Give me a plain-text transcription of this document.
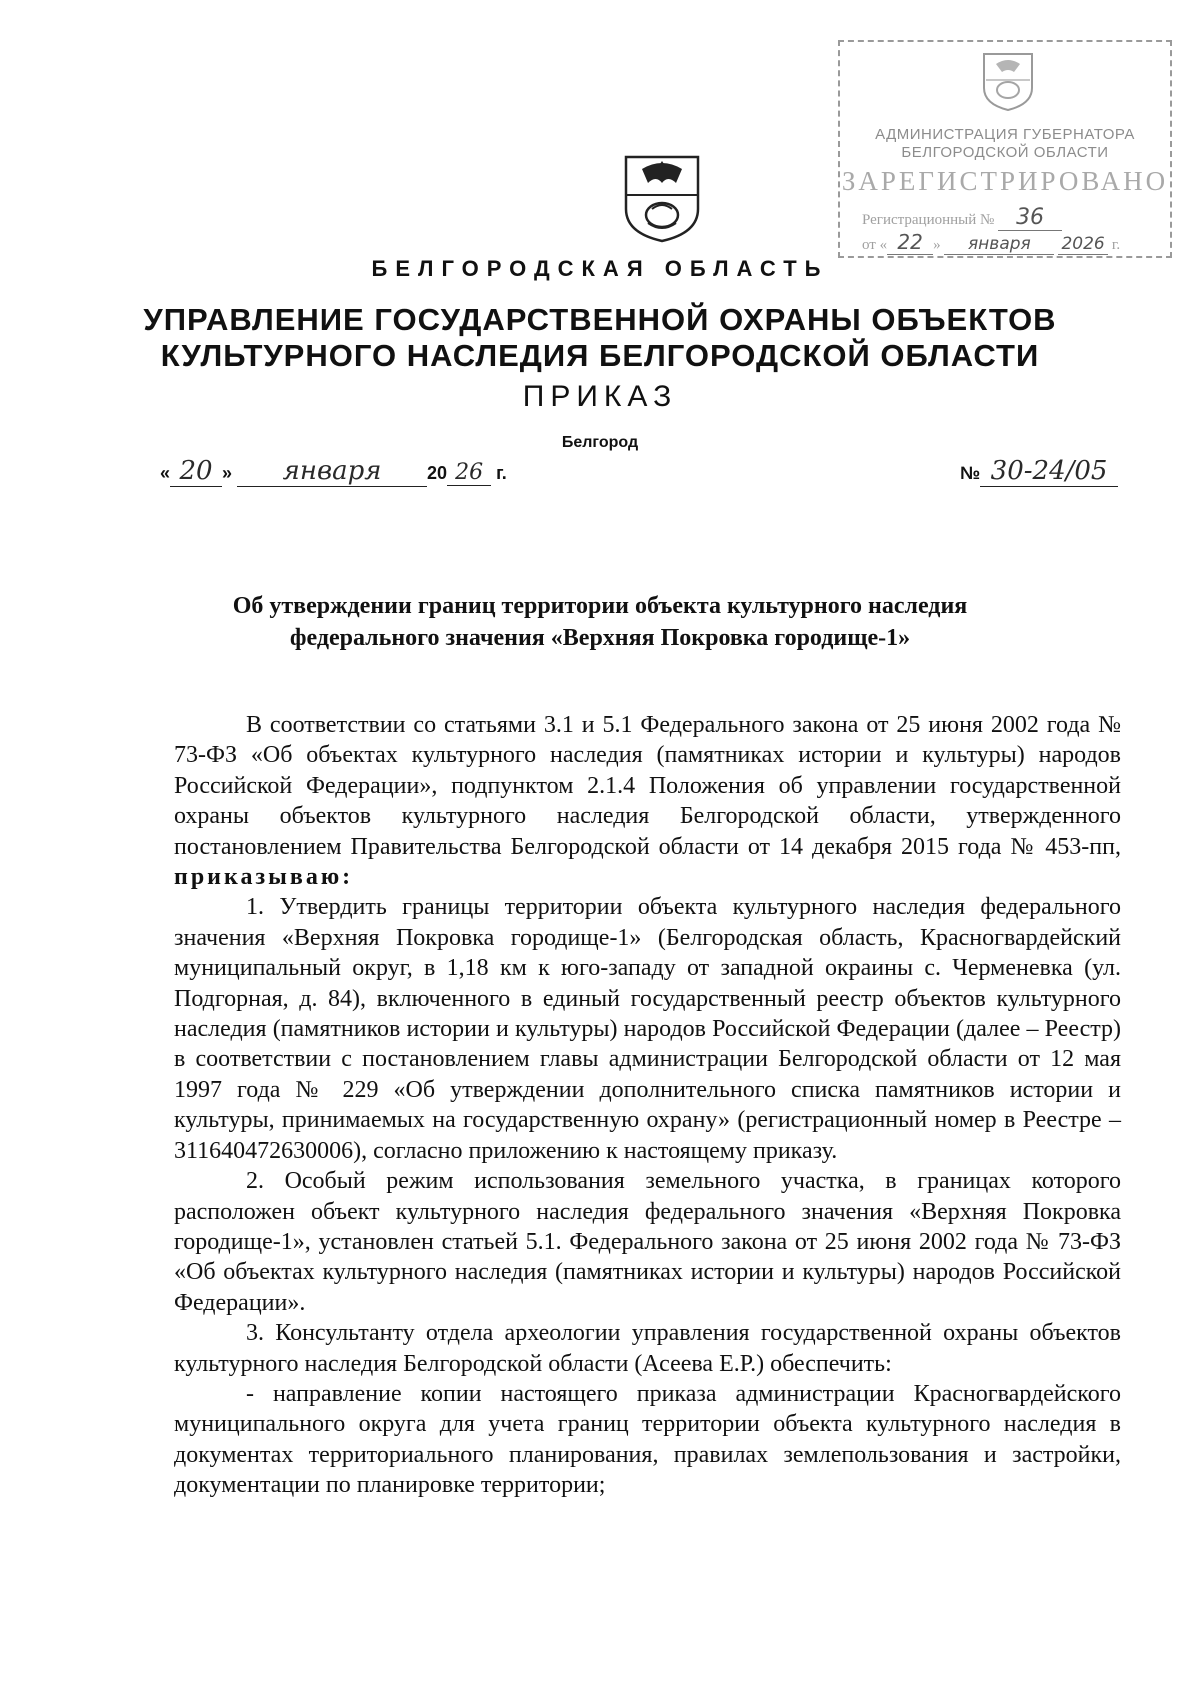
АДМИНИСТРАЦИЯ ГУБЕРНАТОРА
БЕЛГОРОДСКОЙ ОБЛАСТИ
ЗАРЕГИСТРИРОВАНО
Регистрационный № 36
от « 22 » января 2026 г.
БЕЛГОРОДСКАЯ ОБЛАСТЬ
УПРАВЛЕНИЕ ГОСУДАРСТВЕННОЙ ОХРАНЫ ОБЪЕКТОВ
КУЛЬТУРНОГО НАСЛЕДИЯ БЕЛГОРОДСКОЙ ОБЛАСТИ
ПРИКАЗ
Белгород
« 20 » января	20 26 г.	№ 30-24/05
Об утверждении границ территории объекта культурного наследия
федерального значения «Верхняя Покровка городище-1»

В соответствии со статьями 3.1 и 5.1 Федерального закона от 25 июня 2002 года № 73-ФЗ «Об объектах культурного наследия (памятниках истории и культуры) народов Российской Федерации», подпунктом 2.1.4 Положения об управлении государственной охраны объектов культурного наследия Белгородской области, утвержденного постановлением Правительства Белгородской области от 14 декабря 2015 года № 453-пп, приказываю:

1. Утвердить границы территории объекта культурного наследия федерального значения «Верхняя Покровка городище-1» (Белгородская область, Красногвардейский муниципальный округ, в 1,18 км к юго-западу от западной окраины с. Черменевка (ул. Подгорная, д. 84), включенного в единый государственный реестр объектов культурного наследия (памятников истории и культуры) народов Российской Федерации (далее – Реестр) в соответствии с постановлением главы администрации Белгородской области от 12 мая 1997 года № 229 «Об утверждении дополнительного списка памятников истории и культуры, принимаемых на государственную охрану» (регистрационный номер в Реестре – 311640472630006), согласно приложению к настоящему приказу.

2. Особый режим использования земельного участка, в границах которого расположен объект культурного наследия федерального значения «Верхняя Покровка городище-1», установлен статьей 5.1. Федерального закона от 25 июня 2002 года № 73-ФЗ «Об объектах культурного наследия (памятниках истории и культуры) народов Российской Федерации».

3. Консультанту отдела археологии управления государственной охраны объектов культурного наследия Белгородской области (Асеева Е.Р.) обеспечить:

- направление копии настоящего приказа администрации Красногвардейского муниципального округа для учета границ территории объекта культурного наследия в документах территориального планирования, правилах землепользования и застройки, документации по планировке территории;
